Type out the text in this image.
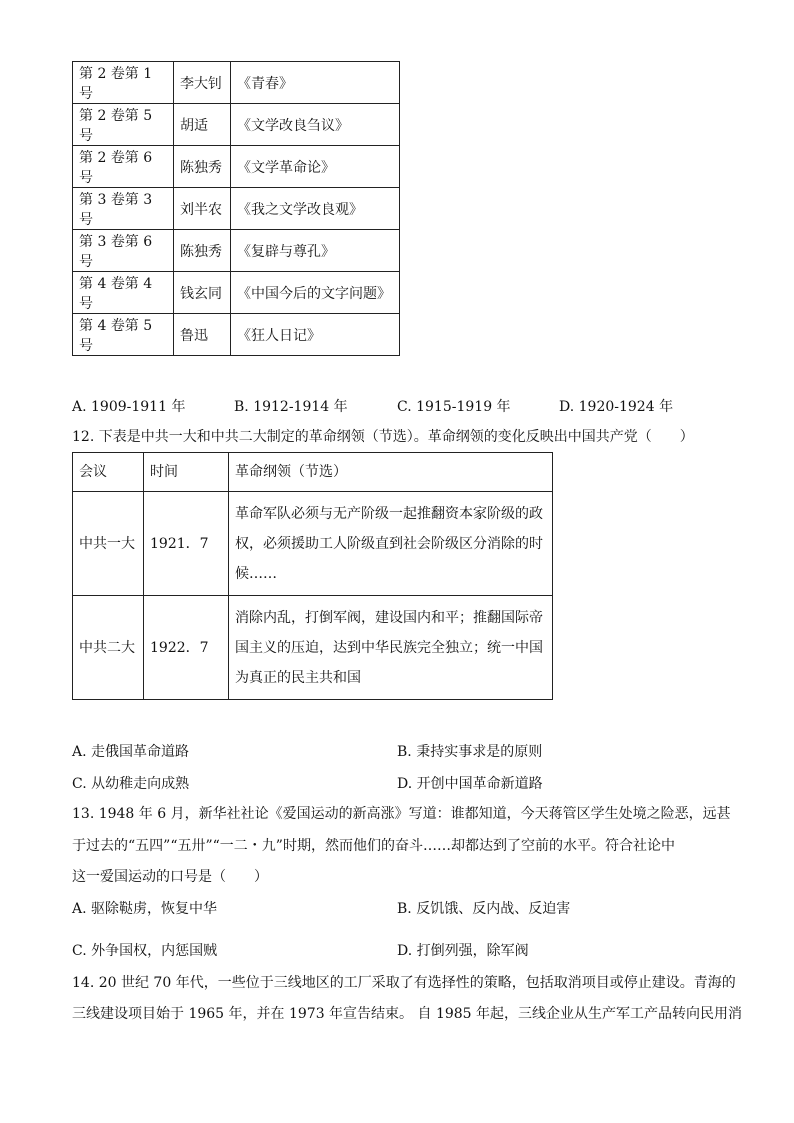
第 2 卷第 1 号	李大钊	《青春》
第 2 卷第 5 号	胡适	《文学改良刍议》
第 2 卷第 6 号	陈独秀	《文学革命论》
第 3 卷第 3 号	刘半农	《我之文学改良观》
第 3 卷第 6 号	陈独秀	《复辟与尊孔》
第 4 卷第 4 号	钱玄同	《中国今后的文字问题》
第 4 卷第 5 号	鲁迅	《狂人日记》
A. 1909-1911 年	B. 1912-1914 年	C. 1915-1919 年	D. 1920-1924 年
12. 下表是中共一大和中共二大制定的革命纲领（节选）。革命纲领的变化反映出中国共产党（　　）
会议	时间	革命纲领（节选）
中共一大	1921．7	革命军队必须与无产阶级一起推翻资本家阶级的政权，必须援助工人阶级直到社会阶级区分消除的时候……
中共二大	1922．7	消除内乱，打倒军阀，建设国内和平；推翻国际帝国主义的压迫，达到中华民族完全独立；统一中国为真正的民主共和国
A. 走俄国革命道路	B. 秉持实事求是的原则
C. 从幼稚走向成熟	D. 开创中国革命新道路
13. 1948 年 6 月，新华社社论《爱国运动的新高涨》写道：谁都知道，今天蒋管区学生处境之险恶，远甚
于过去的“五四”“五卅”“一二・九”时期，然而他们的奋斗……却都达到了空前的水平。符合社论中
这一爱国运动的口号是（　　）
A. 驱除鞑虏，恢复中华	B. 反饥饿、反内战、反迫害
C. 外争国权，内惩国贼	D. 打倒列强，除军阀
14. 20 世纪 70 年代，一些位于三线地区的工厂采取了有选择性的策略，包括取消项目或停止建设。青海的
三线建设项目始于 1965 年，并在 1973 年宣告结束。 自 1985 年起，三线企业从生产军工产品转向民用消
